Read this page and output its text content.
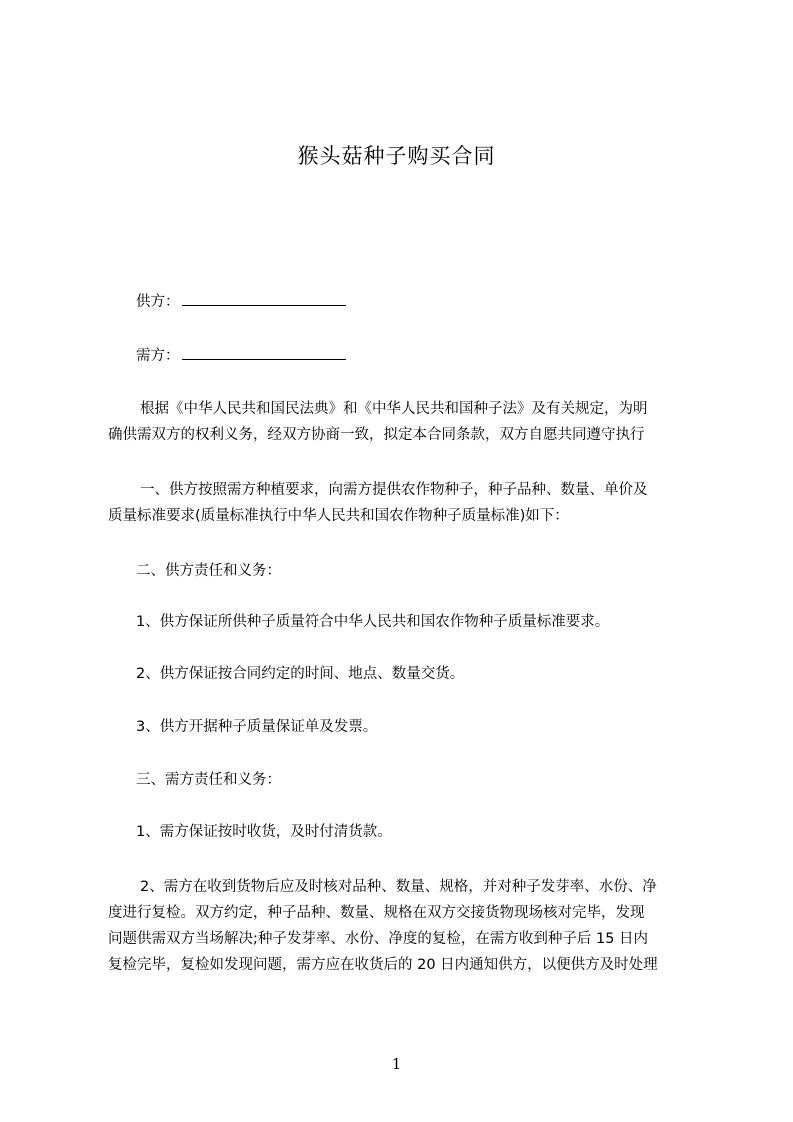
猴头菇种子购买合同
供方：
需方：
根据《中华人民共和国民法典》和《中华人民共和国种子法》及有关规定，为明
确供需双方的权利义务，经双方协商一致，拟定本合同条款，双方自愿共同遵守执行
一、供方按照需方种植要求，向需方提供农作物种子，种子品种、数量、单价及
质量标准要求(质量标准执行中华人民共和国农作物种子质量标准)如下：
二、供方责任和义务：
1、供方保证所供种子质量符合中华人民共和国农作物种子质量标准要求。
2、供方保证按合同约定的时间、地点、数量交货。
3、供方开据种子质量保证单及发票。
三、需方责任和义务：
1、需方保证按时收货，及时付清货款。
2、需方在收到货物后应及时核对品种、数量、规格，并对种子发芽率、水份、净
度进行复检。双方约定，种子品种、数量、规格在双方交接货物现场核对完毕，发现
问题供需双方当场解决;种子发芽率、水份、净度的复检，在需方收到种子后 15 日内
复检完毕，复检如发现问题，需方应在收货后的 20 日内通知供方，以便供方及时处理
1
